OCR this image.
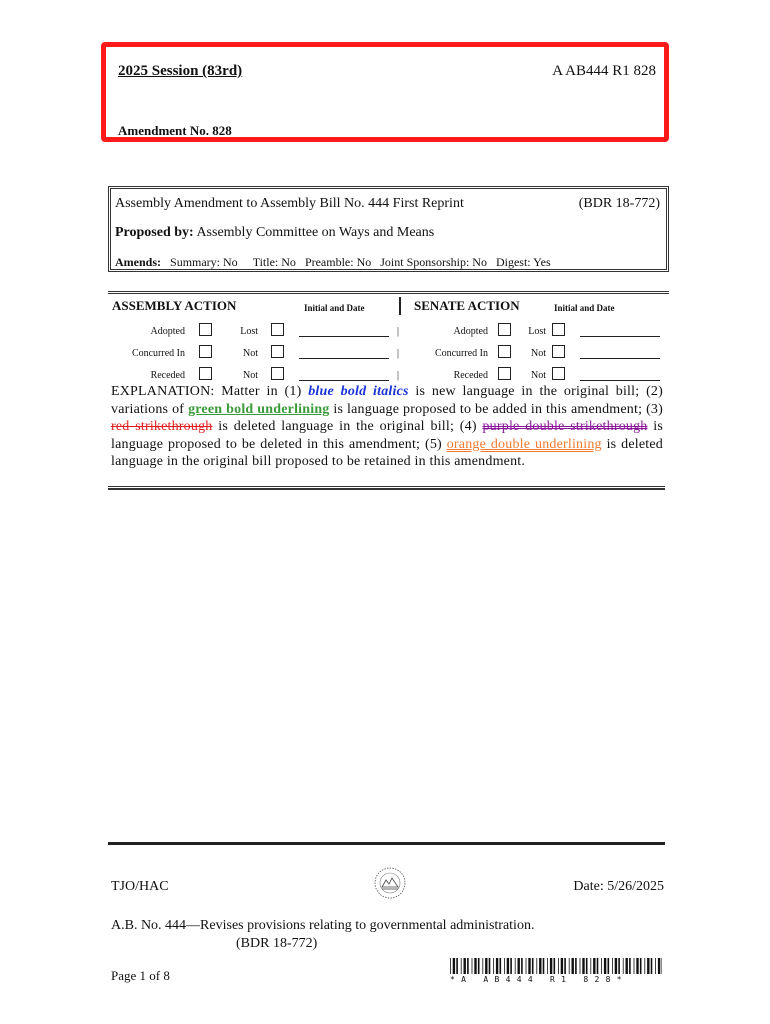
2025 Session (83rd)	A AB444 R1 828
Amendment No. 828
Assembly Amendment to Assembly Bill No. 444 First Reprint	(BDR 18-772)
Proposed by: Assembly Committee on Ways and Means
Amends: Summary: No Title: No Preamble: No Joint Sponsorship: No Digest: Yes
ASSEMBLY ACTION	Initial and Date	SENATE ACTION	Initial and Date
Adopted	Lost	|	Adopted	Lost
Concurred In	Not	|	Concurred In	Not
Receded	Not	|	Receded	Not
EXPLANATION: Matter in (1) blue bold italics is new language in the original bill; (2) variations of green bold underlining is language proposed to be added in this amendment; (3) red strikethrough is deleted language in the original bill; (4) purple double strikethrough is language proposed to be deleted in this amendment; (5) orange double underlining is deleted language in the original bill proposed to be retained in this amendment.
TJO/HAC	Date: 5/26/2025
A.B. No. 444—Revises provisions relating to governmental administration.
(BDR 18-772)
Page 1 of 8	*A AB444 R1 828*
